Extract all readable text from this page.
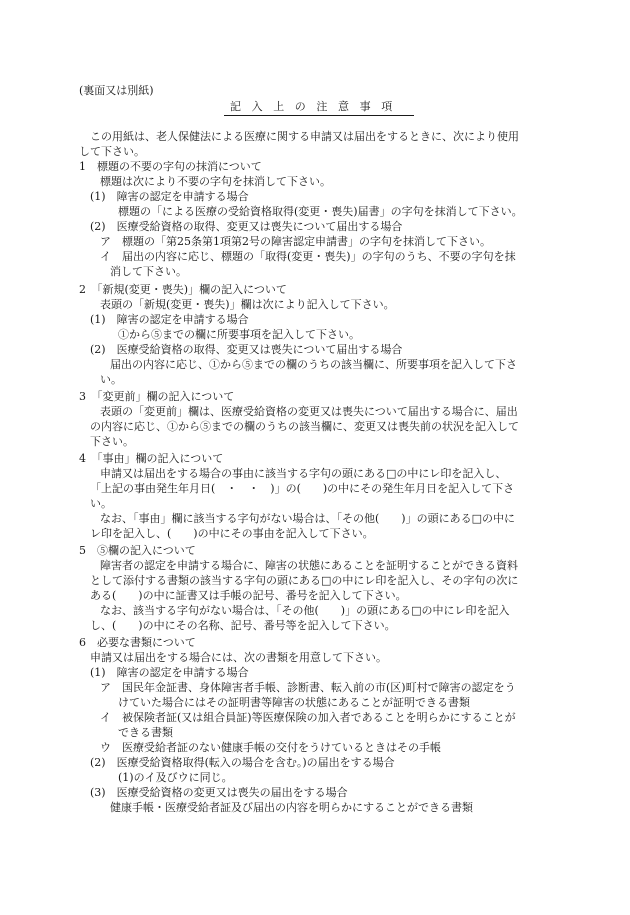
(裏面又は別紙)
記入上の注意事項
この用紙は、老人保健法による医療に関する申請又は届出をするときに、次により使用
して下さい。
1　標題の不要の字句の抹消について
標題は次により不要の字句を抹消して下さい。
(1)　障害の認定を申請する場合
標題の「による医療の受給資格取得(変更・喪失)届書」の字句を抹消して下さい。
(2)　医療受給資格の取得、変更又は喪失について届出する場合
ア　標題の「第25条第1項第2号の障害認定申請書」の字句を抹消して下さい。
イ　届出の内容に応じ、標題の「取得(変更・喪失)」の字句のうち、不要の字句を抹
消して下さい。
2　「新規(変更・喪失)」欄の記入について
表頭の「新規(変更・喪失)」欄は次により記入して下さい。
(1)　障害の認定を申請する場合
①から⑤までの欄に所要事項を記入して下さい。
(2)　医療受給資格の取得、変更又は喪失について届出する場合
届出の内容に応じ、①から⑤までの欄のうちの該当欄に、所要事項を記入して下さ
い。
3　「変更前」欄の記入について
表頭の「変更前」欄は、医療受給資格の変更又は喪失について届出する場合に、届出
の内容に応じ、①から⑤までの欄のうちの該当欄に、変更又は喪失前の状況を記入して
下さい。
4　「事由」欄の記入について
申請又は届出をする場合の事由に該当する字句の頭にある□の中にレ印を記入し、
「上記の事由発生年月日(　・　・　)」の(　　)の中にその発生年月日を記入して下さ
い。
なお、「事由」欄に該当する字句がない場合は、「その他(　　)」の頭にある□の中に
レ印を記入し、(　　)の中にその事由を記入して下さい。
5　⑤欄の記入について
障害者の認定を申請する場合に、障害の状態にあることを証明することができる資料
として添付する書類の該当する字句の頭にある□の中にレ印を記入し、その字句の次に
ある(　　)の中に証書又は手帳の記号、番号を記入して下さい。
なお、該当する字句がない場合は、「その他(　　)」の頭にある□の中にレ印を記入
し、(　　)の中にその名称、記号、番号等を記入して下さい。
6　必要な書類について
申請又は届出をする場合には、次の書類を用意して下さい。
(1)　障害の認定を申請する場合
ア　国民年金証書、身体障害者手帳、診断書、転入前の市(区)町村で障害の認定をう
けていた場合にはその証明書等障害の状態にあることが証明できる書類
イ　被保険者証(又は組合員証)等医療保険の加入者であることを明らかにすることが
できる書類
ウ　医療受給者証のない健康手帳の交付をうけているときはその手帳
(2)　医療受給資格取得(転入の場合を含む。)の届出をする場合
(1)のイ及びウに同じ。
(3)　医療受給資格の変更又は喪失の届出をする場合
健康手帳・医療受給者証及び届出の内容を明らかにすることができる書類
